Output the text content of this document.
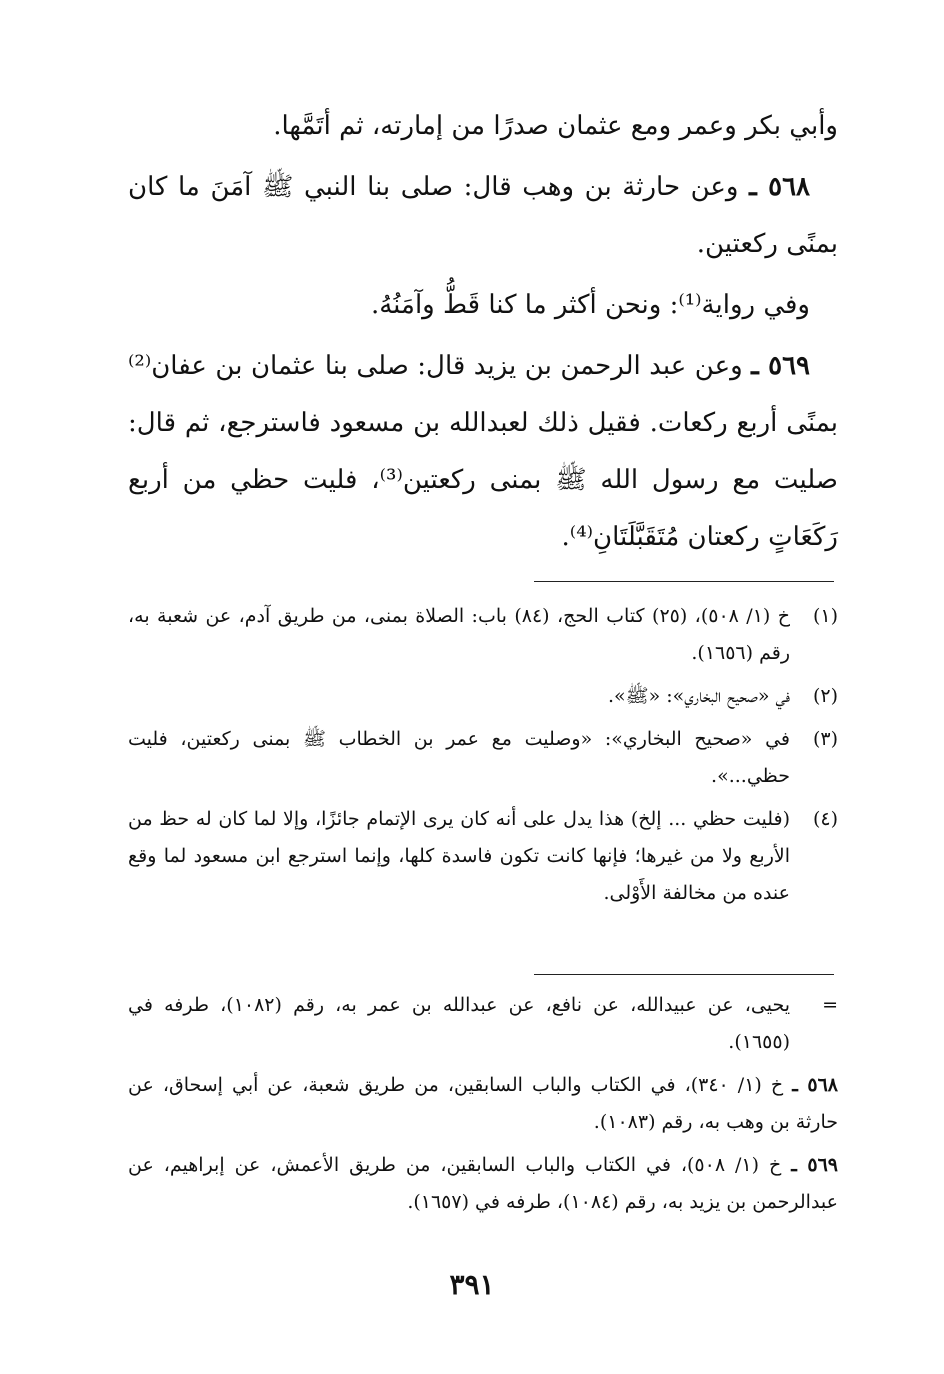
وأبي بكر وعمر ومع عثمان صدرًا من إمارته، ثم أتَمَّها.

٥٦٨ ـ وعن حارثة بن وهب قال: صلى بنا النبي ﷺ آمَنَ ما كان بمنًى ركعتين.

وفي رواية⁽¹⁾: ونحن أكثر ما كنا قَطُّ وآمَنُهُ.

٥٦٩ ـ وعن عبد الرحمن بن يزيد قال: صلى بنا عثمان بن عفان⁽²⁾ بمنًى أربع ركعات. فقيل ذلك لعبدالله بن مسعود فاسترجع، ثم قال: صليت مع رسول الله ﷺ بمنى ركعتين⁽³⁾، فليت حظي من أربع رَكَعَاتٍ ركعتان مُتَقَبَّلَتَانِ⁽⁴⁾.

(١)
خ (١/ ٥٠٨)، (٢٥) كتاب الحج، (٨٤) باب: الصلاة بمنى، من طريق آدم، عن شعبة به، رقم (١٦٥٦).
(٢)
في «صحيح البخاري»: «ﷺ».
(٣)
في «صحيح البخاري»: «وصليت مع عمر بن الخطاب ﷺ بمنى ركعتين، فليت حظي...».
(٤)
(فليت حظي ... إلخ) هذا يدل على أنه كان يرى الإتمام جائزًا، وإلا لما كان له حظ من الأربع ولا من غيرها؛ فإنها كانت تكون فاسدة كلها، وإنما استرجع ابن مسعود لما وقع عنده من مخالفة الأَوْلى.
=
يحيى، عن عبيدالله، عن نافع، عن عبدالله بن عمر به، رقم (١٠٨٢)، طرفه في (١٦٥٥).
٥٦٨ ـ خ (١/ ٣٤٠)، في الكتاب والباب السابقين، من طريق شعبة، عن أبي إسحاق، عن حارثة بن وهب به، رقم (١٠٨٣).
٥٦٩ ـ خ (١/ ٥٠٨)، في الكتاب والباب السابقين، من طريق الأعمش، عن إبراهيم، عن عبدالرحمن بن يزيد به، رقم (١٠٨٤)، طرفه في (١٦٥٧).
٣٩١
